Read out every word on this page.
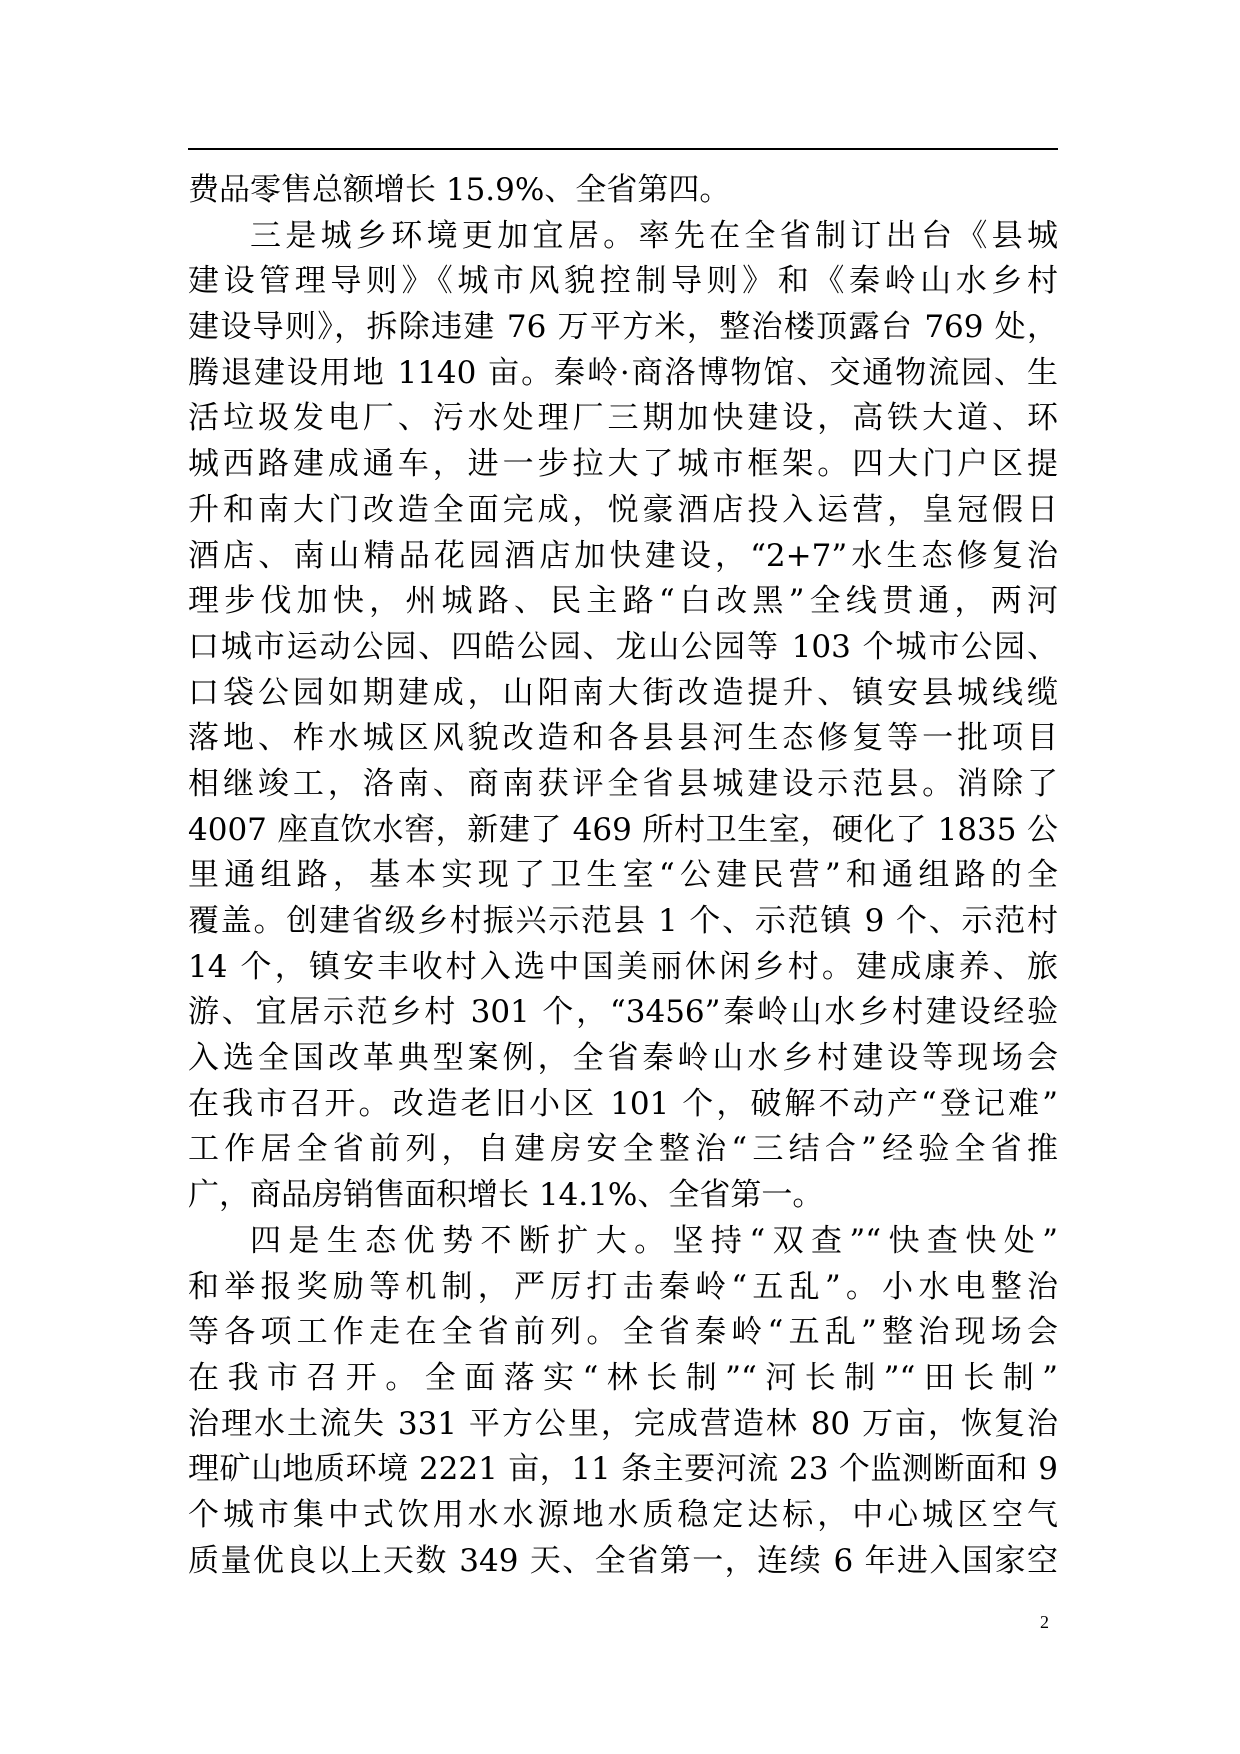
费品零售总额增长 15.9%、全省第四。
三是城乡环境更加宜居。率先在全省制订出台《县城
建设管理导则》《城市风貌控制导则》和《秦岭山水乡村
建设导则》，拆除违建 76 万平方米，整治楼顶露台 769 处，
腾退建设用地 1140 亩。秦岭·商洛博物馆、交通物流园、生
活垃圾发电厂、污水处理厂三期加快建设，高铁大道、环
城西路建成通车，进一步拉大了城市框架。四大门户区提
升和南大门改造全面完成，悦豪酒店投入运营，皇冠假日
酒店、南山精品花园酒店加快建设，“2+7”水生态修复治
理步伐加快，州城路、民主路“白改黑”全线贯通，两河
口城市运动公园、四皓公园、龙山公园等 103 个城市公园、
口袋公园如期建成，山阳南大街改造提升、镇安县城线缆
落地、柞水城区风貌改造和各县县河生态修复等一批项目
相继竣工，洛南、商南获评全省县城建设示范县。消除了
4007 座直饮水窖，新建了 469 所村卫生室，硬化了 1835 公
里通组路，基本实现了卫生室“公建民营”和通组路的全
覆盖。创建省级乡村振兴示范县 1 个、示范镇 9 个、示范村
14 个，镇安丰收村入选中国美丽休闲乡村。建成康养、旅
游、宜居示范乡村 301 个，“3456”秦岭山水乡村建设经验
入选全国改革典型案例，全省秦岭山水乡村建设等现场会
在我市召开。改造老旧小区 101 个，破解不动产“登记难”
工作居全省前列，自建房安全整治“三结合”经验全省推
广，商品房销售面积增长 14.1%、全省第一。
四是生态优势不断扩大。坚持“双查”“快查快处”
和举报奖励等机制，严厉打击秦岭“五乱”。小水电整治
等各项工作走在全省前列。全省秦岭“五乱”整治现场会
在我市召开。全面落实“林长制”“河长制”“田长制”
治理水土流失 331 平方公里，完成营造林 80 万亩，恢复治
理矿山地质环境 2221 亩，11 条主要河流 23 个监测断面和 9
个城市集中式饮用水水源地水质稳定达标，中心城区空气
质量优良以上天数 349 天、全省第一，连续 6 年进入国家空
2
